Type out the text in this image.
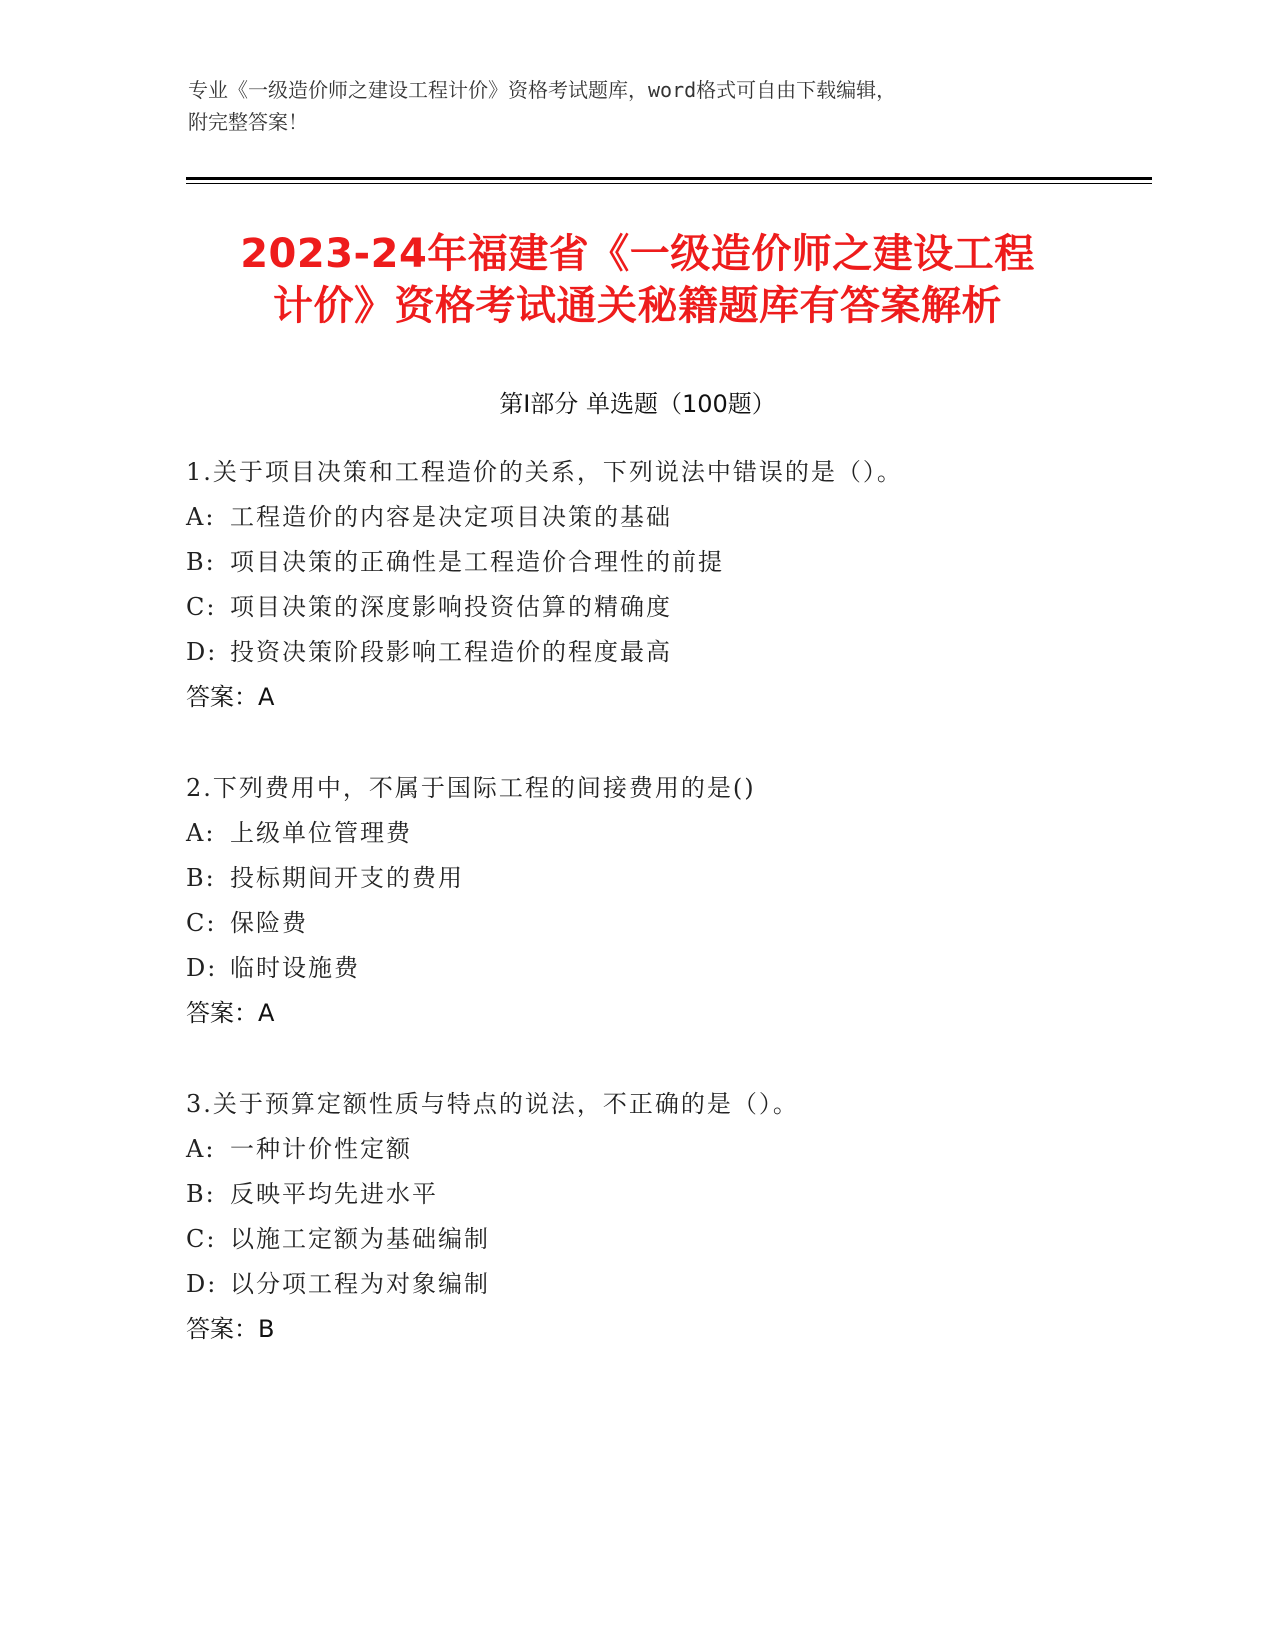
专业《一级造价师之建设工程计价》资格考试题库，word格式可自由下载编辑，
附完整答案！
2023-24年福建省《一级造价师之建设工程
计价》资格考试通关秘籍题库有答案解析
第I部分 单选题（100题）
1.关于项目决策和工程造价的关系，下列说法中错误的是（）。
A: 工程造价的内容是决定项目决策的基础
B: 项目决策的正确性是工程造价合理性的前提
C: 项目决策的深度影响投资估算的精确度
D: 投资决策阶段影响工程造价的程度最高
答案：A
2.下列费用中，不属于国际工程的间接费用的是()
A: 上级单位管理费
B: 投标期间开支的费用
C: 保险费
D: 临时设施费
答案：A
3.关于预算定额性质与特点的说法，不正确的是（）。
A: 一种计价性定额
B: 反映平均先进水平
C: 以施工定额为基础编制
D: 以分项工程为对象编制
答案：B
